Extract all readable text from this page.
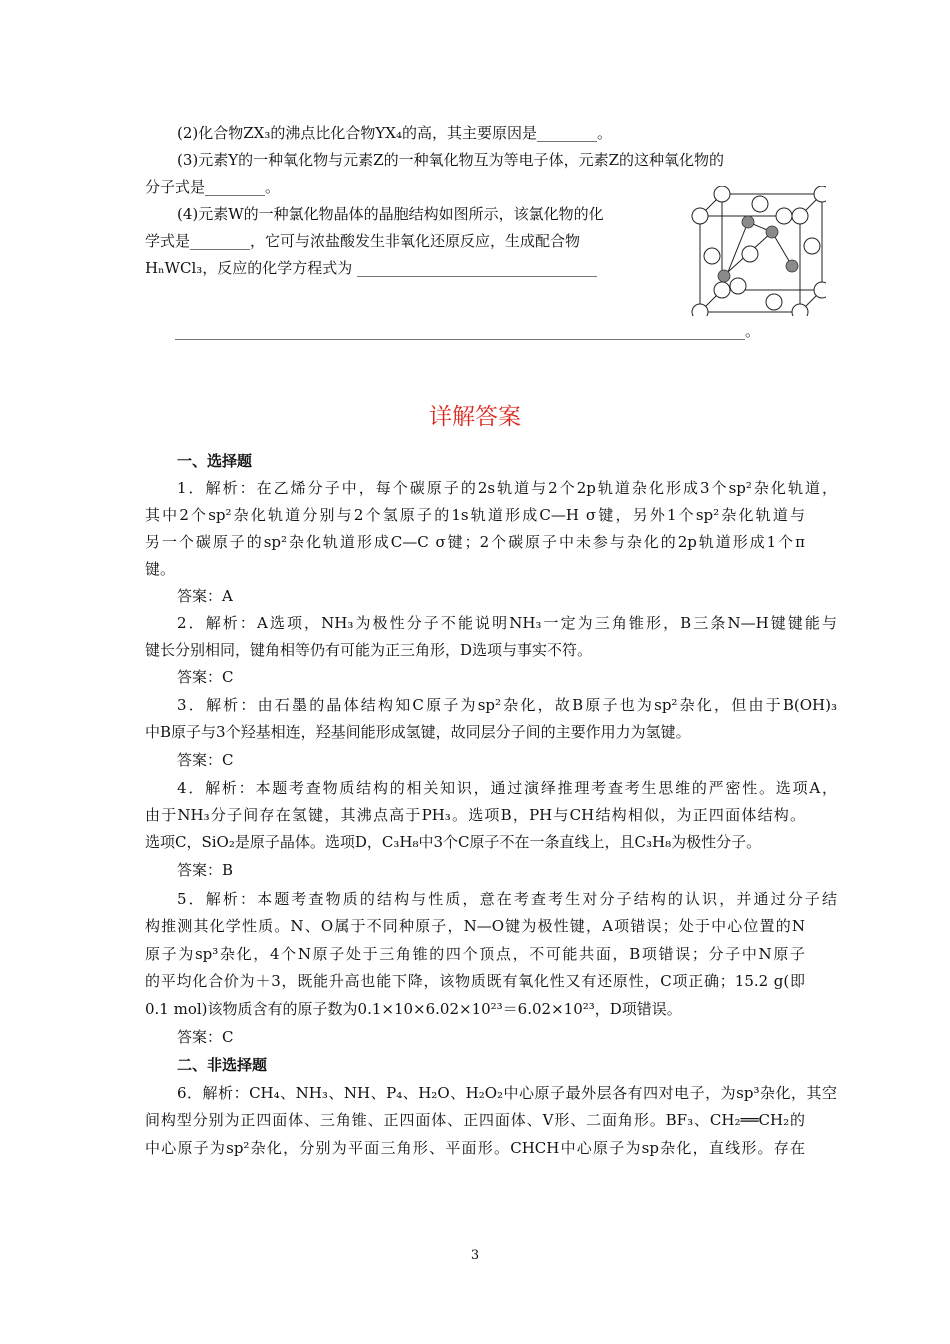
(2)化合物ZX₃的沸点比化合物YX₄的高，其主要原因是________。
(3)元素Y的一种氧化物与元素Z的一种氧化物互为等电子体，元素Z的这种氧化物的
分子式是________。
(4)元素W的一种氯化物晶体的晶胞结构如图所示，该氯化物的化
学式是________，它可与浓盐酸发生非氧化还原反应，生成配合物
HₙWCl₃，反应的化学方程式为 ________________________________
____________________________________________________________________________。
详解答案
一、选择题
1．解析：在乙烯分子中，每个碳原子的2s轨道与2个2p轨道杂化形成3个sp²杂化轨道，
其中2个sp²杂化轨道分别与2个氢原子的1s轨道形成C—H σ键，另外1个sp²杂化轨道与
另一个碳原子的sp²杂化轨道形成C—C σ键；2个碳原子中未参与杂化的2p轨道形成1个π
键。
答案：A
2．解析：A选项，NH₃为极性分子不能说明NH₃一定为三角锥形，B三条N—H键键能与
键长分别相同，键角相等仍有可能为正三角形，D选项与事实不符。
答案：C
3．解析：由石墨的晶体结构知C原子为sp²杂化，故B原子也为sp²杂化，但由于B(OH)₃
中B原子与3个羟基相连，羟基间能形成氢键，故同层分子间的主要作用力为氢键。
答案：C
4．解析：本题考查物质结构的相关知识，通过演绎推理考查考生思维的严密性。选项A，
由于NH₃分子间存在氢键，其沸点高于PH₃。选项B，PH与CH结构相似，为正四面体结构。
选项C，SiO₂是原子晶体。选项D，C₃H₈中3个C原子不在一条直线上，且C₃H₈为极性分子。
答案：B
5．解析：本题考查物质的结构与性质，意在考查考生对分子结构的认识，并通过分子结
构推测其化学性质。N、O属于不同种原子，N—O键为极性键，A项错误；处于中心位置的N
原子为sp³杂化，4个N原子处于三角锥的四个顶点，不可能共面，B项错误；分子中N原子
的平均化合价为＋3，既能升高也能下降，该物质既有氧化性又有还原性，C项正确；15.2 g(即
0.1 mol)该物质含有的原子数为0.1×10×6.02×10²³＝6.02×10²³，D项错误。
答案：C
二、非选择题
6．解析：CH₄、NH₃、NH、P₄、H₂O、H₂O₂中心原子最外层各有四对电子，为sp³杂化，其空
间构型分别为正四面体、三角锥、正四面体、正四面体、V形、二面角形。BF₃、CH₂══CH₂的
中心原子为sp²杂化，分别为平面三角形、平面形。CHCH中心原子为sp杂化，直线形。存在
3
